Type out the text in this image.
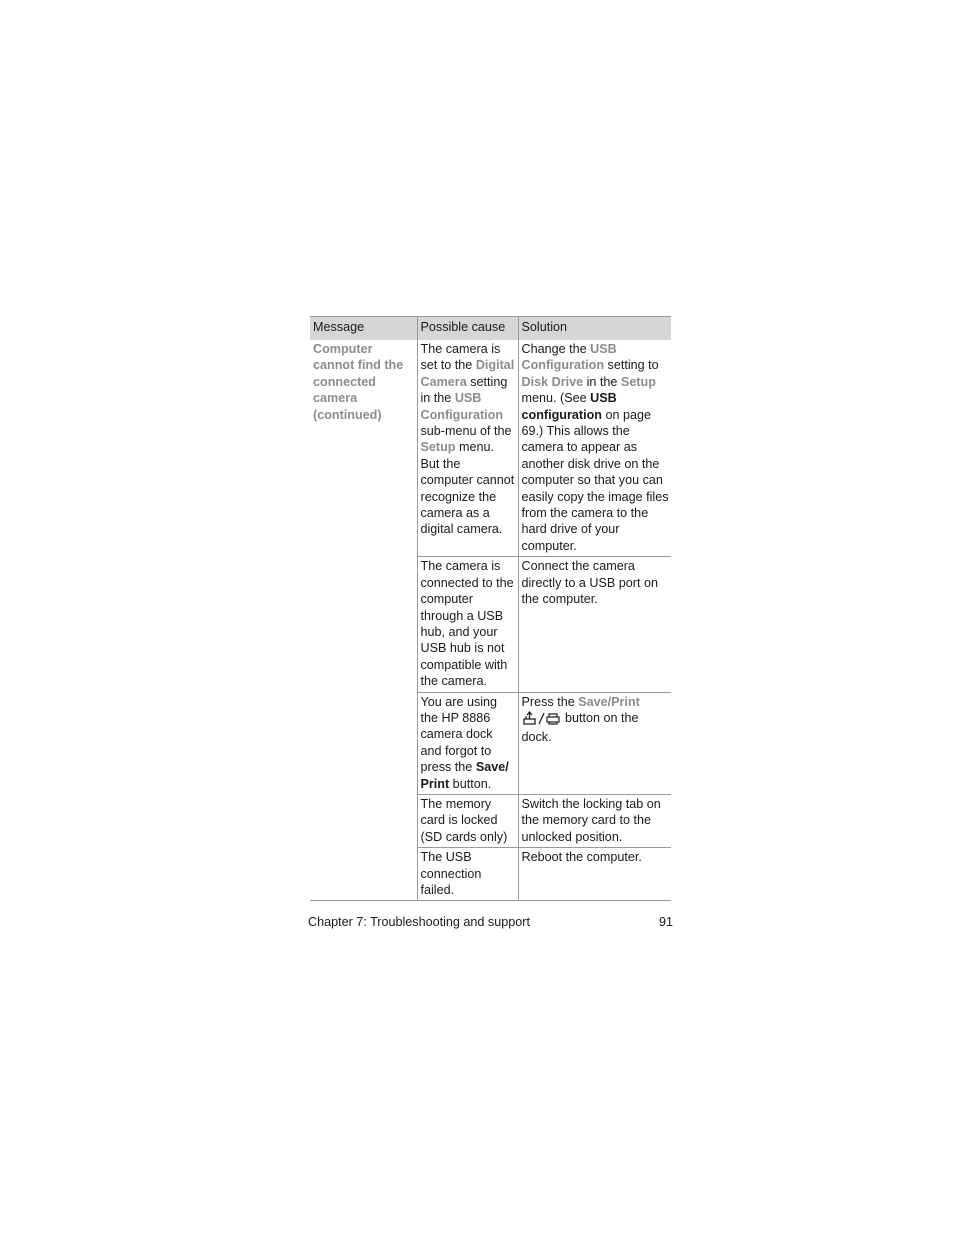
Message	Possible cause	Solution
Computer cannot find the connected camera (continued)	The camera is set to the Digital Camera setting in the USB Configuration sub-menu of the Setup menu. But the computer cannot recognize the camera as a digital camera.	Change the USB Configuration setting to Disk Drive in the Setup menu. (See USB configuration on page 69.) This allows the camera to appear as another disk drive on the computer so that you can easily copy the image files from the camera to the hard drive of your computer.
	The camera is connected to the computer through a USB hub, and your USB hub is not compatible with the camera.	Connect the camera directly to a USB port on the computer.
	You are using the HP 8886 camera dock and forgot to press the Save/ Print button.	Press the Save/Print  button on the dock.
	The memory card is locked (SD cards only)	Switch the locking tab on the memory card to the unlocked position.
	The USB connection failed.	Reboot the computer.
Chapter 7: Troubleshooting and support	91
